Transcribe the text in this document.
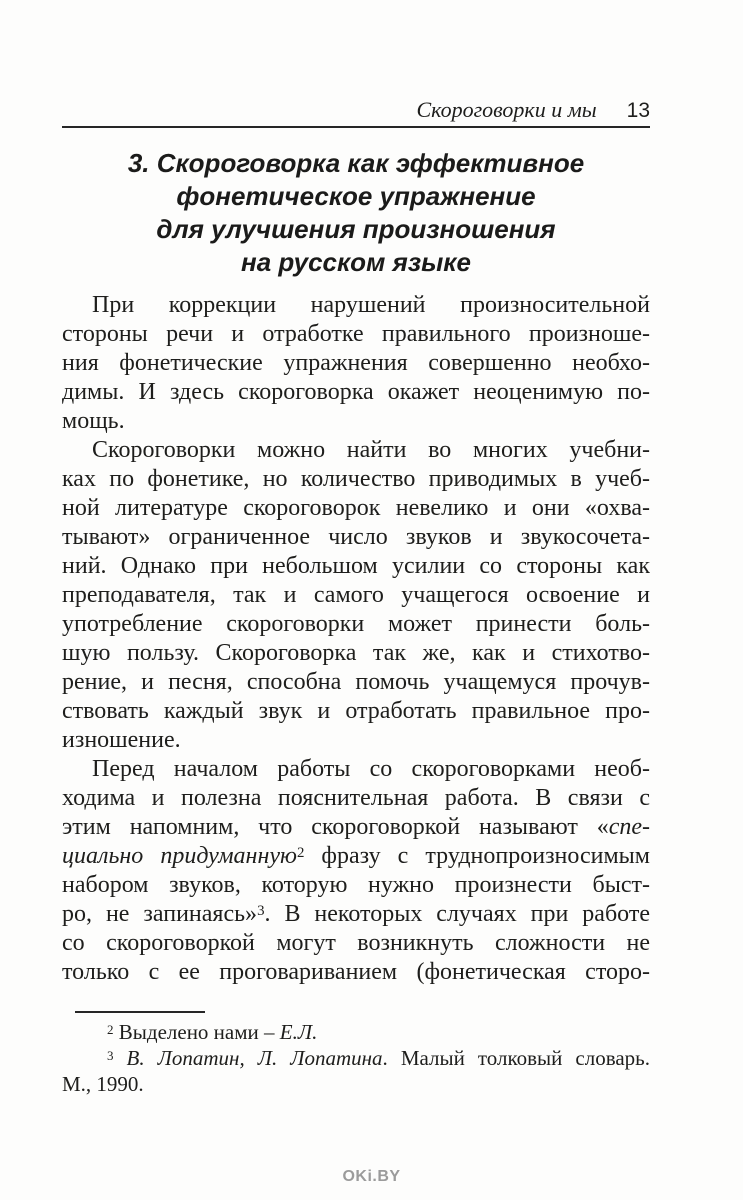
Скороговорки и мы 13
3. Скороговорка как эффективное
фонетическое упражнение
для улучшения произношения
на русском языке
При коррекции нарушений произносительной
стороны речи и отработке правильного произноше-
ния фонетические упражнения совершенно необхо-
димы. И здесь скороговорка окажет неоценимую по-
мощь.
Скороговорки можно найти во многих учебни-
ках по фонетике, но количество приводимых в учеб-
ной литературе скороговорок невелико и они «охва-
тывают» ограниченное число звуков и звукосочета-
ний. Однако при небольшом усилии со стороны как
преподавателя, так и самого учащегося освоение и
употребление скороговорки может принести боль-
шую пользу. Скороговорка так же, как и стихотво-
рение, и песня, способна помочь учащемуся прочув-
ствовать каждый звук и отработать правильное про-
изношение.
Перед началом работы со скороговорками необ-
ходима и полезна пояснительная работа. В связи с
этим напомним, что скороговоркой называют «спе-
циально придуманную$^2$ фразу с труднопроизносимым
набором звуков, которую нужно произнести быст-
ро, не запинаясь»$^3$. В некоторых случаях при работе
со скороговоркой могут возникнуть сложности не
только с ее проговариванием (фонетическая сторо-
$^2$ Выделено нами – Е.Л.
$^3$ В. Лопатин, Л. Лопатина. Малый толковый словарь.
М., 1990.
OKi.BY
